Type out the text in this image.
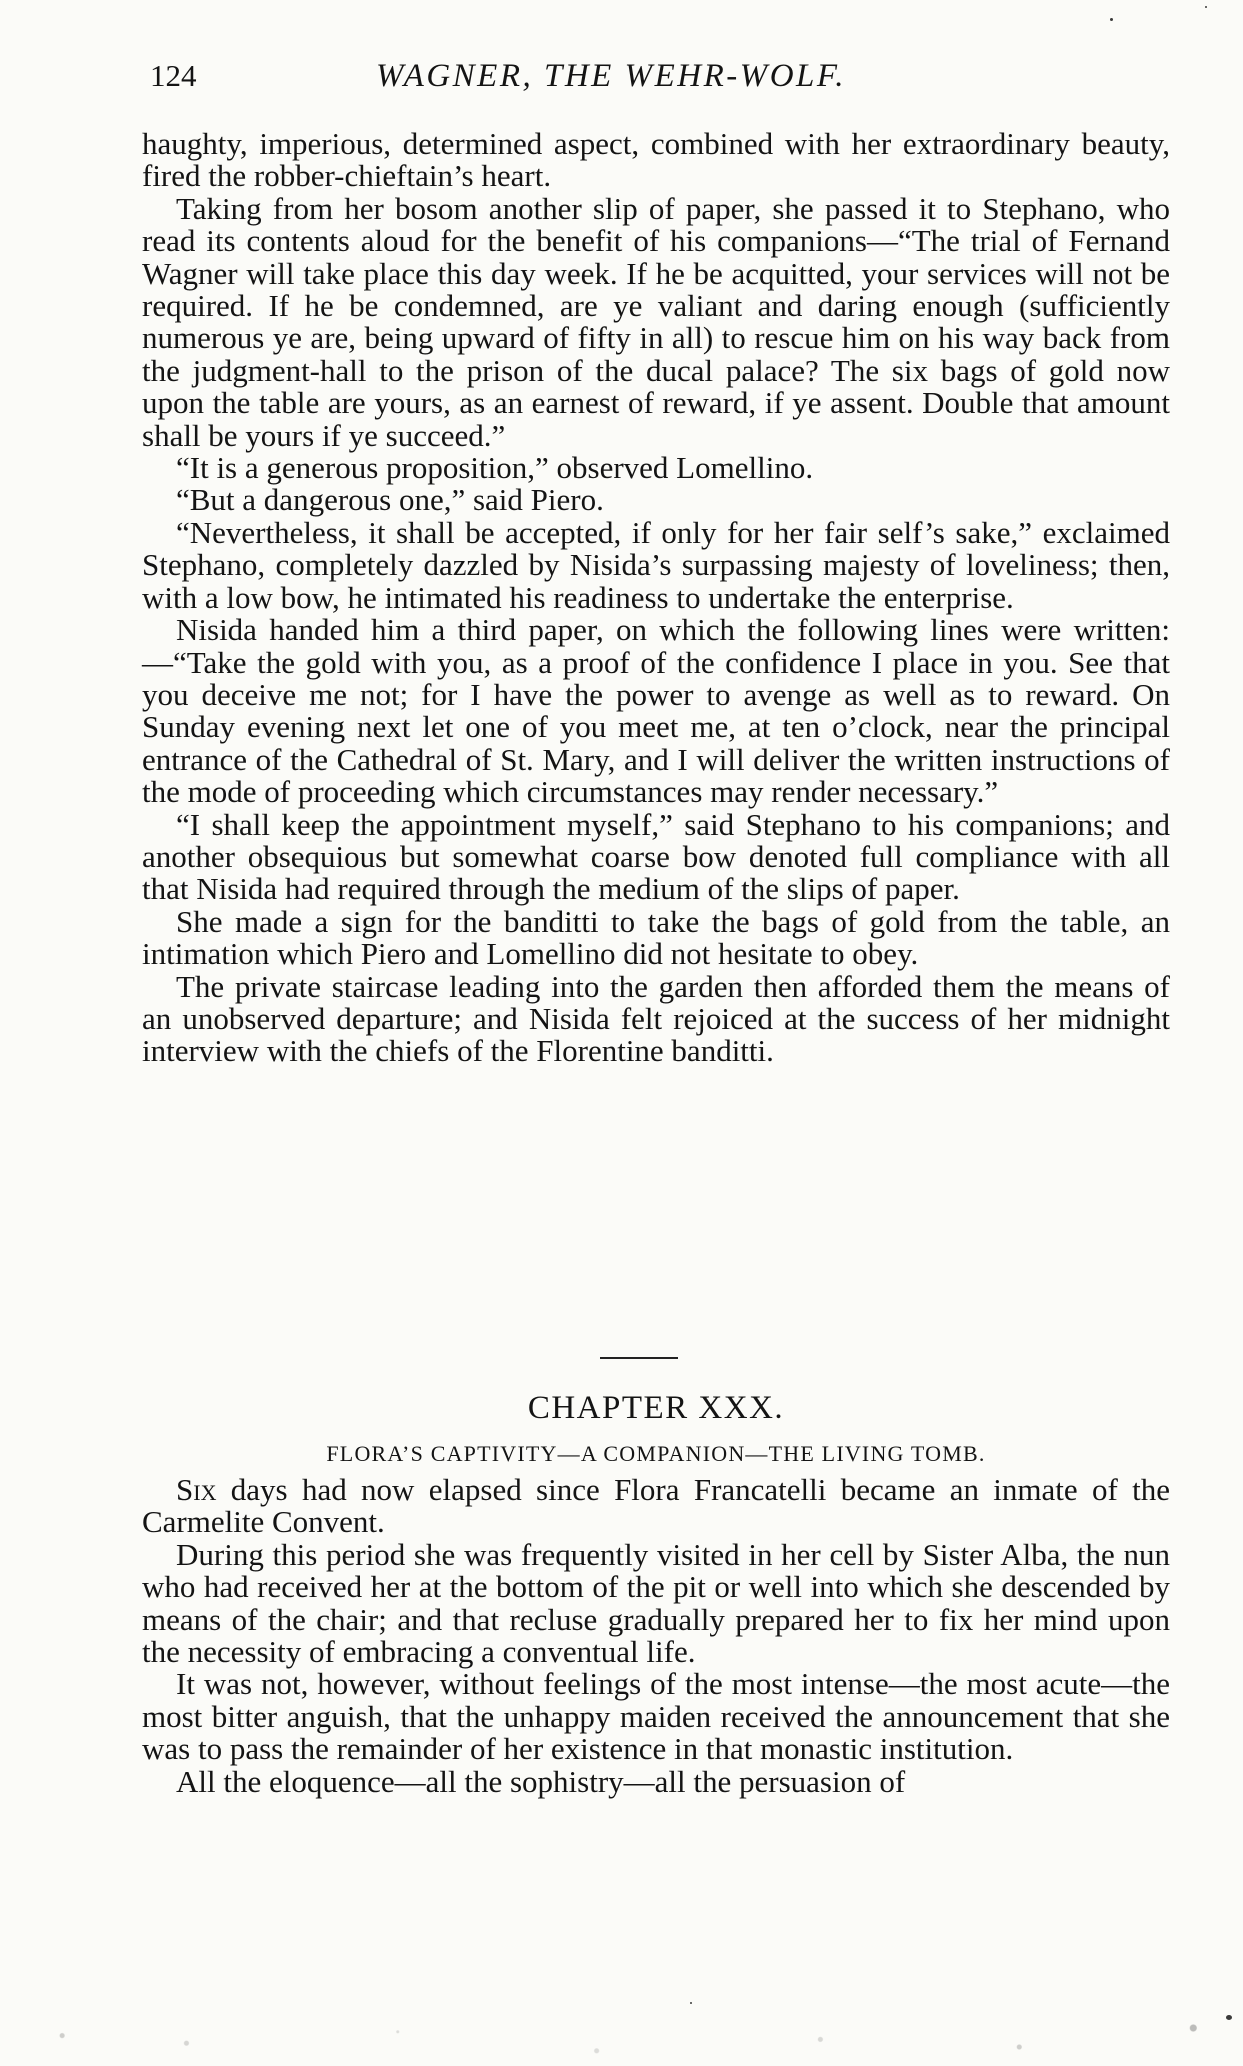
124	WAGNER, THE WEHR-WOLF.

haughty, imperious, determined aspect, combined with her extraordinary beauty, fired the robber-chieftain’s heart.

Taking from her bosom another slip of paper, she passed it to Stephano, who read its contents aloud for the benefit of his companions—“The trial of Fernand Wagner will take place this day week. If he be acquitted, your services will not be required. If he be condemned, are ye valiant and daring enough (sufficiently numerous ye are, being upward of fifty in all) to rescue him on his way back from the judgment-hall to the prison of the ducal palace? The six bags of gold now upon the table are yours, as an earnest of reward, if ye assent. Double that amount shall be yours if ye succeed.”

“It is a generous proposition,” observed Lomellino.

“But a dangerous one,” said Piero.

“Nevertheless, it shall be accepted, if only for her fair self’s sake,” exclaimed Stephano, completely dazzled by Nisida’s surpassing majesty of loveliness; then, with a low bow, he intimated his readiness to undertake the enterprise.

Nisida handed him a third paper, on which the following lines were written:—“Take the gold with you, as a proof of the confidence I place in you. See that you deceive me not; for I have the power to avenge as well as to reward. On Sunday evening next let one of you meet me, at ten o’clock, near the principal entrance of the Cathedral of St. Mary, and I will deliver the written instructions of the mode of proceeding which circumstances may render necessary.”

“I shall keep the appointment myself,” said Stephano to his companions; and another obsequious but somewhat coarse bow denoted full compliance with all that Nisida had required through the medium of the slips of paper.

She made a sign for the banditti to take the bags of gold from the table, an intimation which Piero and Lomellino did not hesitate to obey.

The private staircase leading into the garden then afforded them the means of an unobserved departure; and Nisida felt rejoiced at the success of her midnight interview with the chiefs of the Florentine banditti.

CHAPTER XXX.
FLORA’S CAPTIVITY—A COMPANION—THE LIVING TOMB.

Six days had now elapsed since Flora Francatelli became an inmate of the Carmelite Convent.

During this period she was frequently visited in her cell by Sister Alba, the nun who had received her at the bottom of the pit or well into which she descended by means of the chair; and that recluse gradually prepared her to fix her mind upon the necessity of embracing a conventual life.

It was not, however, without feelings of the most intense—the most acute—the most bitter anguish, that the unhappy maiden received the announcement that she was to pass the remainder of her existence in that monastic institution.

All the eloquence—all the sophistry—all the persuasion of
